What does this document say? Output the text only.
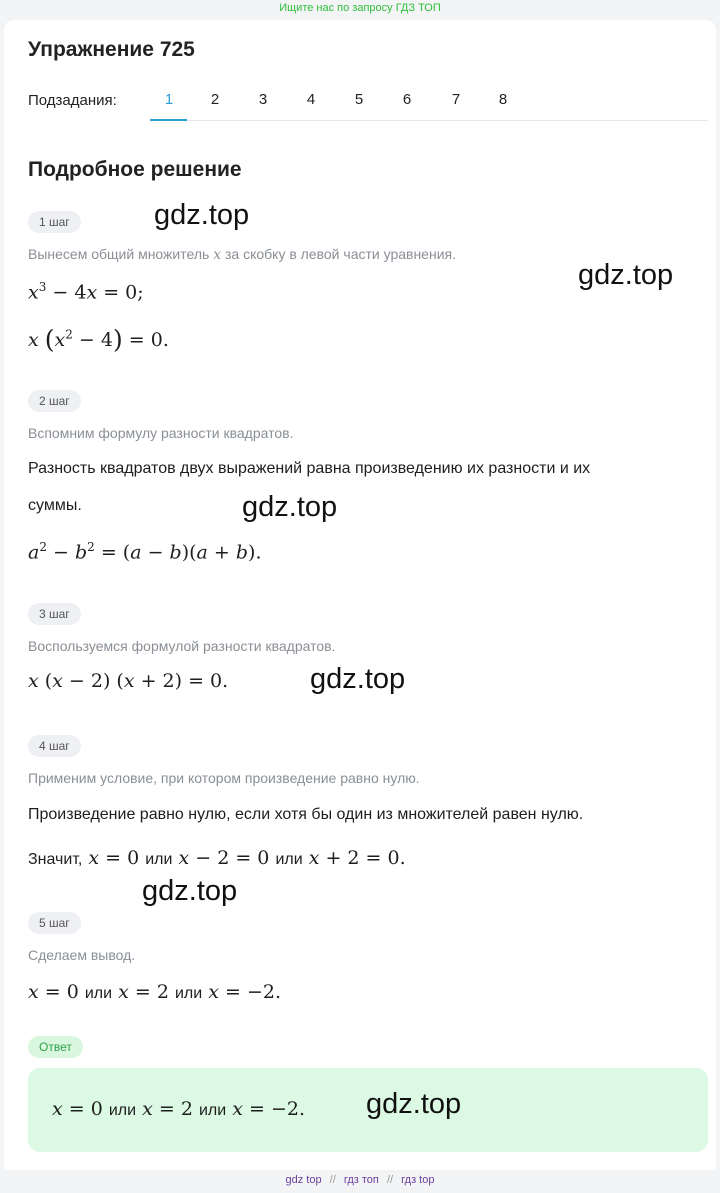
Ищите нас по запросу ГДЗ ТОП
Упражнение 725
Подзадания:	1	2	3	4	5	6	7	8
Подробное решение
1 шаг
Вынесем общий множитель x за скобку в левой части уравнения.
$x^3 - 4x = 0$;
x $(x^2 - 4) = 0$.
2 шаг
Вспомним формулу разности квадратов.
Разность квадратов двух выражений равна произведению их разности и их
суммы.
$a^2 - b^2 = (a - b)(a + b)$.
3 шаг
Воспользуемся формулой разности квадратов.
x (x − 2) (x + 2) = 0.
4 шаг
Применим условие, при котором произведение равно нулю.
Произведение равно нулю, если хотя бы один из множителей равен нулю.
Значит, x = 0 или x − 2 = 0 или x + 2 = 0.
5 шаг
Сделаем вывод.
x = 0 или x = 2 или x = −2.
Ответ
x = 0 или x = 2 или x = −2.
gdz.top
gdz.top
gdz.top
gdz.top
gdz.top
gdz.top
gdz top // гдз топ // гдз top
